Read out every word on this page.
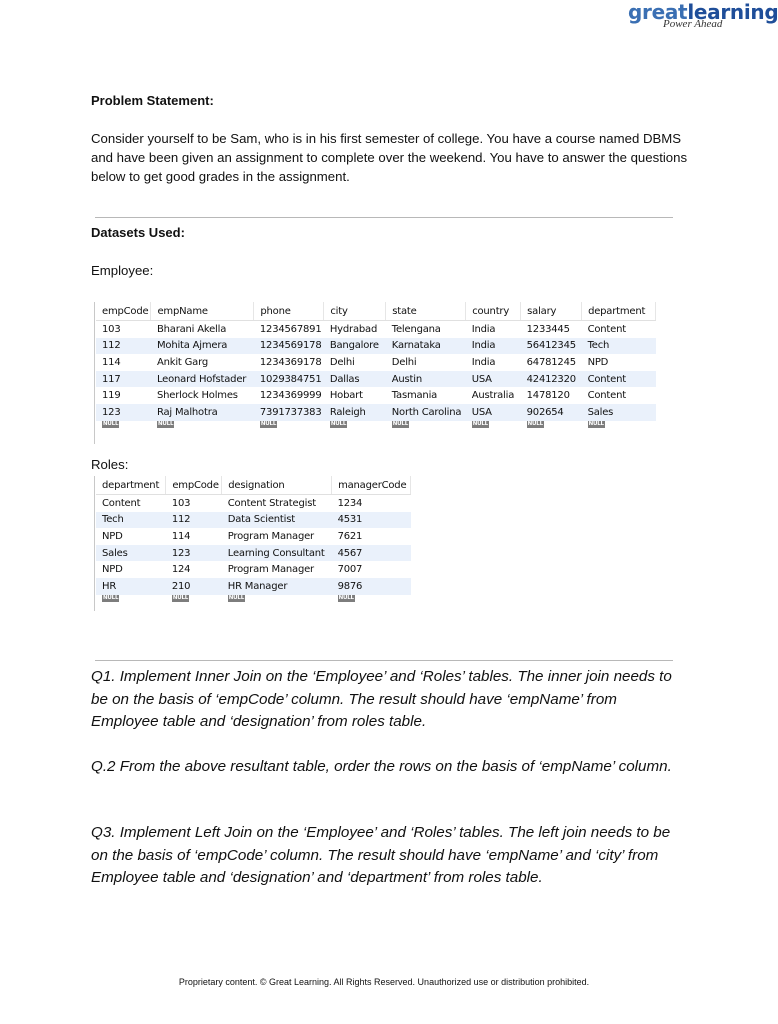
greatlearning
Power Ahead
Problem Statement:
Consider yourself to be Sam, who is in his first semester of college. You have a course named DBMS and have been given an assignment to complete over the weekend. You have to answer the questions below to get good grades in the assignment.
Datasets Used:
Employee:
empCode	empName	phone	city	state	country	salary	department
103	Bharani Akella	1234567891	Hydrabad	Telengana	India	1233445	Content
112	Mohita Ajmera	1234569178	Bangalore	Karnataka	India	56412345	Tech
114	Ankit Garg	1234369178	Delhi	Delhi	India	64781245	NPD
117	Leonard Hofstader	1029384751	Dallas	Austin	USA	42412320	Content
119	Sherlock Holmes	1234369999	Hobart	Tasmania	Australia	1478120	Content
123	Raj Malhotra	7391737383	Raleigh	North Carolina	USA	902654	Sales
NULL	NULL	NULL	NULL	NULL	NULL	NULL	NULL
Roles:
department	empCode	designation	managerCode
Content	103	Content Strategist	1234
Tech	112	Data Scientist	4531
NPD	114	Program Manager	7621
Sales	123	Learning Consultant	4567
NPD	124	Program Manager	7007
HR	210	HR Manager	9876
NULL	NULL	NULL	NULL
Q1. Implement Inner Join on the ‘Employee’ and ‘Roles’ tables. The inner join needs to be on the basis of ‘empCode’ column. The result should have ‘empName’ from Employee table and ‘designation’ from roles table.
Q.2 From the above resultant table, order the rows on the basis of ‘empName’ column.
Q3. Implement Left Join on the ‘Employee’ and ‘Roles’ tables. The left join needs to be on the basis of ‘empCode’ column. The result should have ‘empName’ and ‘city’ from Employee table and ‘designation’ and ‘department’ from roles table.
Proprietary content. © Great Learning. All Rights Reserved. Unauthorized use or distribution prohibited.
